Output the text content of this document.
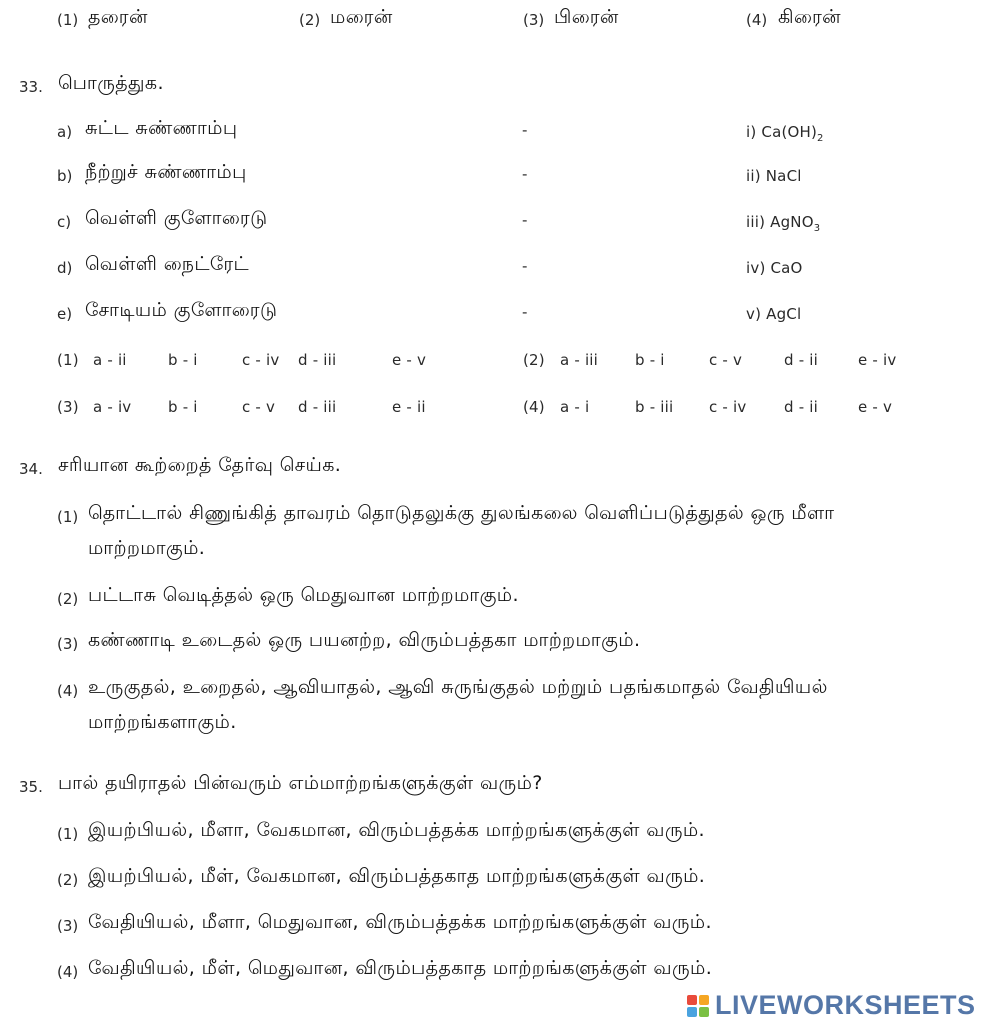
(1) தரைன்	(2) மரைன்	(3) பிரைன்	(4) கிரைன்
33. பொருத்துக.
a) சுட்ட சுண்ணாம்பு	-	i) $Ca(OH)_2$
b) நீற்றுச் சுண்ணாம்பு	-	ii) NaCl
c) வெள்ளி குளோரைடு	-	iii) AgNO$_3$
d) வெள்ளி நைட்ரேட்	-	iv) CaO
e) சோடியம் குளோரைடு	-	v) AgCl
(1) a - ii	b - i	c - iv d - iii	e - v	(2) a - iii b - i	c - v	d - ii	e - iv
(3) a - iv b - i	c - v d - iii	e - ii	(4) a - i	b - iii c - iv	d - ii	e - v
34. சரியான கூற்றைத் தேர்வு செய்க.
(1) தொட்டால் சிணுங்கித் தாவரம் தொடுதலுக்கு துலங்கலை வெளிப்படுத்துதல் ஒரு மீளா
மாற்றமாகும்.
(2) பட்டாசு வெடித்தல் ஒரு மெதுவான மாற்றமாகும்.
(3) கண்ணாடி உடைதல் ஒரு பயனற்ற, விரும்பத்தகா மாற்றமாகும்.
(4) உருகுதல், உறைதல், ஆவியாதல், ஆவி சுருங்குதல் மற்றும் பதங்கமாதல் வேதியியல்
மாற்றங்களாகும்.
35. பால் தயிராதல் பின்வரும் எம்மாற்றங்களுக்குள் வரும்?
(1) இயற்பியல், மீளா, வேகமான, விரும்பத்தக்க மாற்றங்களுக்குள் வரும்.
(2) இயற்பியல், மீள், வேகமான, விரும்பத்தகாத மாற்றங்களுக்குள் வரும்.
(3) வேதியியல், மீளா, மெதுவான, விரும்பத்தக்க மாற்றங்களுக்குள் வரும்.
(4) வேதியியல், மீள், மெதுவான, விரும்பத்தகாத மாற்றங்களுக்குள் வரும்.
LIVEWORKSHEETS
